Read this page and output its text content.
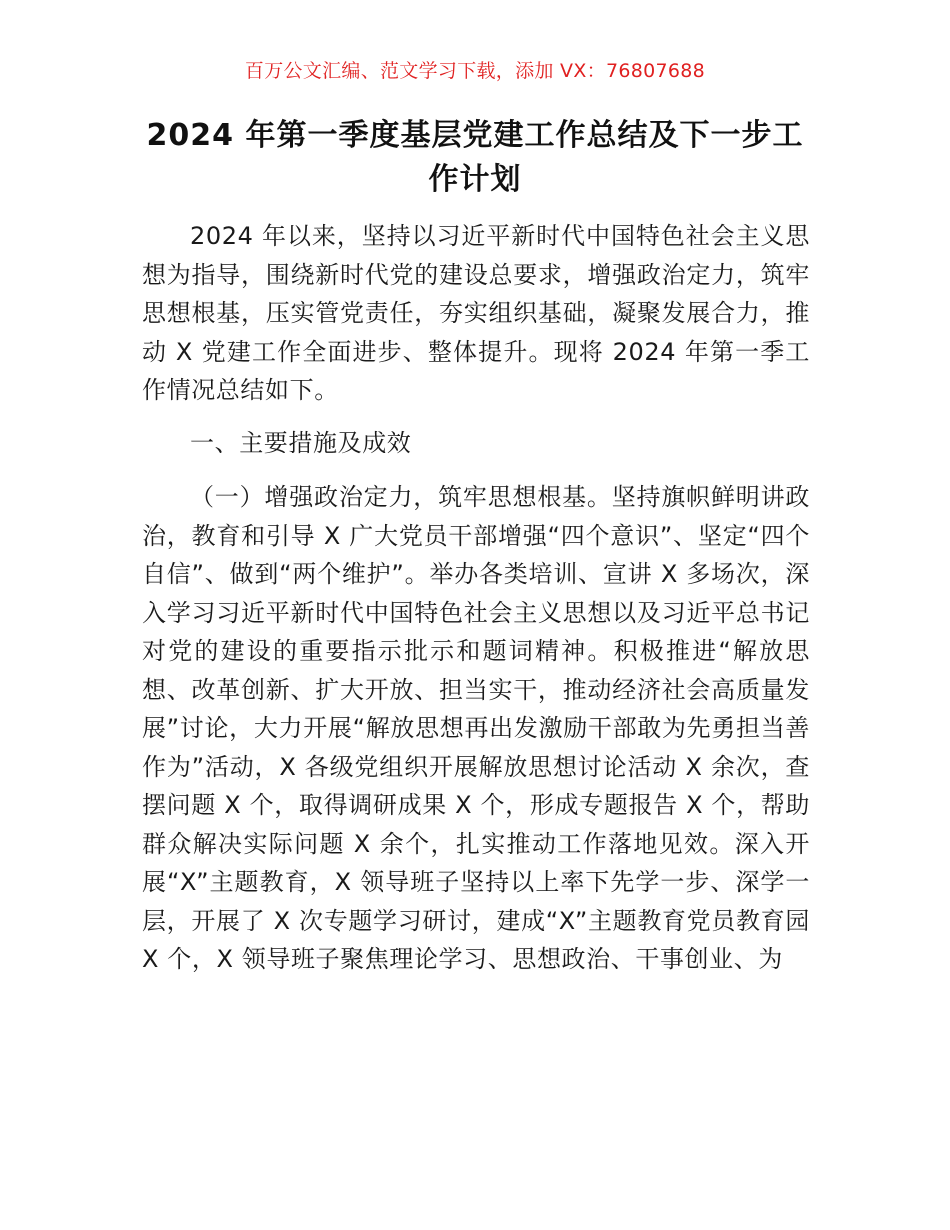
百万公文汇编、范文学习下载，添加 VX：76807688
2024 年第一季度基层党建工作总结及下一步工作计划

2024 年以来，坚持以习近平新时代中国特色社会主义思想为指导，围绕新时代党的建设总要求，增强政治定力，筑牢思想根基，压实管党责任，夯实组织基础，凝聚发展合力，推动 X 党建工作全面进步、整体提升。现将 2024 年第一季工作情况总结如下。

一、主要措施及成效

（一）增强政治定力，筑牢思想根基。坚持旗帜鲜明讲政治，教育和引导 X 广大党员干部增强“四个意识”、坚定“四个自信”、做到“两个维护”。举办各类培训、宣讲 X 多场次，深入学习习近平新时代中国特色社会主义思想以及习近平总书记对党的建设的重要指示批示和题词精神。积极推进“解放思想、改革创新、扩大开放、担当实干，推动经济社会高质量发展”讨论，大力开展“解放思想再出发激励干部敢为先勇担当善作为”活动，X 各级党组织开展解放思想讨论活动 X 余次，查摆问题 X 个，取得调研成果 X 个，形成专题报告 X 个，帮助群众解决实际问题 X 余个，扎实推动工作落地见效。深入开展“X”主题教育，X 领导班子坚持以上率下先学一步、深学一层，开展了 X 次专题学习研讨，建成“X”主题教育党员教育园 X 个，X 领导班子聚焦理论学习、思想政治、干事创业、为
